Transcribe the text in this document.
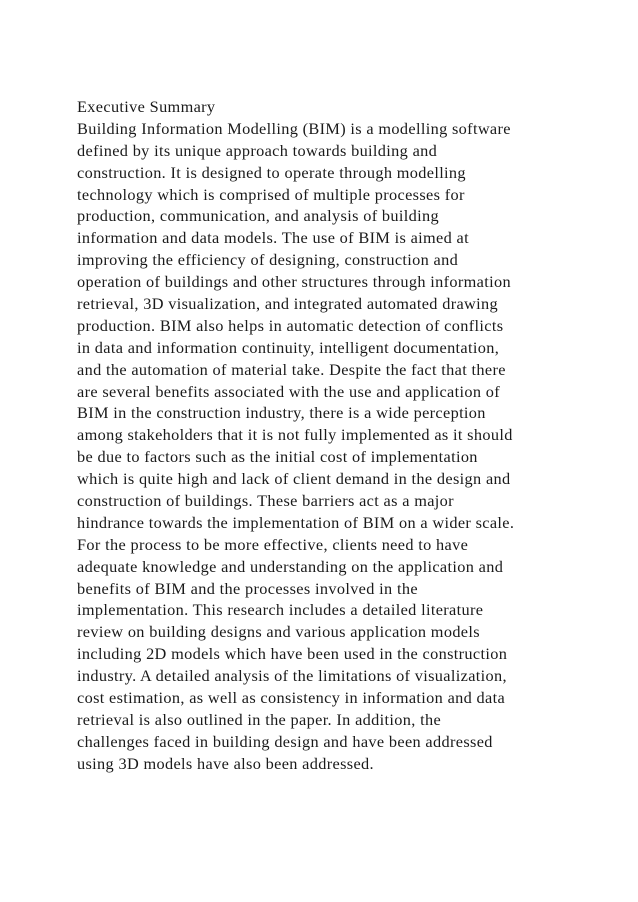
Executive Summary
Building Information Modelling (BIM) is a modelling software
defined by its unique approach towards building and
construction. It is designed to operate through modelling
technology which is comprised of multiple processes for
production, communication, and analysis of building
information and data models. The use of BIM is aimed at
improving the efficiency of designing, construction and
operation of buildings and other structures through information
retrieval, 3D visualization, and integrated automated drawing
production. BIM also helps in automatic detection of conflicts
in data and information continuity, intelligent documentation,
and the automation of material take. Despite the fact that there
are several benefits associated with the use and application of
BIM in the construction industry, there is a wide perception
among stakeholders that it is not fully implemented as it should
be due to factors such as the initial cost of implementation
which is quite high and lack of client demand in the design and
construction of buildings. These barriers act as a major
hindrance towards the implementation of BIM on a wider scale.
For the process to be more effective, clients need to have
adequate knowledge and understanding on the application and
benefits of BIM and the processes involved in the
implementation. This research includes a detailed literature
review on building designs and various application models
including 2D models which have been used in the construction
industry. A detailed analysis of the limitations of visualization,
cost estimation, as well as consistency in information and data
retrieval is also outlined in the paper. In addition, the
challenges faced in building design and have been addressed
using 3D models have also been addressed.
